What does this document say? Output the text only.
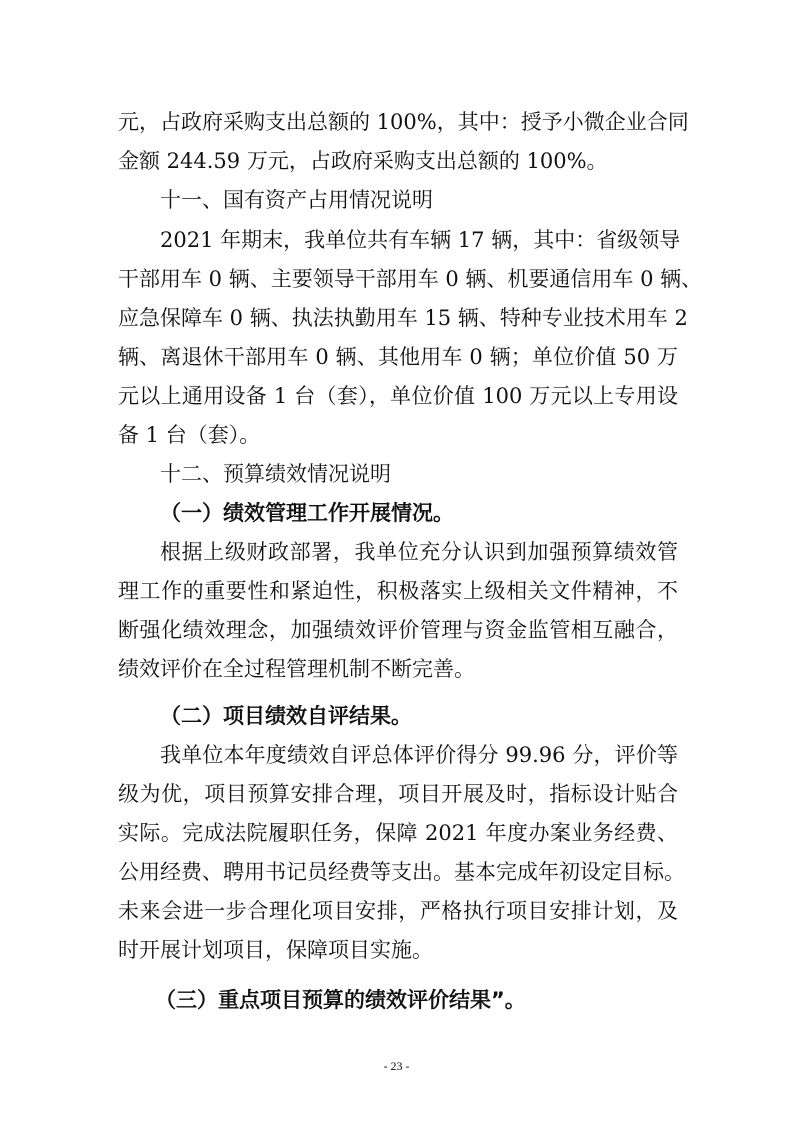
元，占政府采购支出总额的 100%，其中：授予小微企业合同
金额 244.59 万元，占政府采购支出总额的 100%。
十一、国有资产占用情况说明
2021 年期末，我单位共有车辆 17 辆，其中：省级领导
干部用车 0 辆、主要领导干部用车 0 辆、机要通信用车 0 辆、
应急保障车 0 辆、执法执勤用车 15 辆、特种专业技术用车 2
辆、离退休干部用车 0 辆、其他用车 0 辆；单位价值 50 万
元以上通用设备 1 台（套），单位价值 100 万元以上专用设
备 1 台（套）。
十二、预算绩效情况说明
（一）绩效管理工作开展情况。
根据上级财政部署，我单位充分认识到加强预算绩效管
理工作的重要性和紧迫性，积极落实上级相关文件精神，不
断强化绩效理念，加强绩效评价管理与资金监管相互融合，
绩效评价在全过程管理机制不断完善。
（二）项目绩效自评结果。
我单位本年度绩效自评总体评价得分 99.96 分，评价等
级为优，项目预算安排合理，项目开展及时，指标设计贴合
实际。完成法院履职任务，保障 2021 年度办案业务经费、
公用经费、聘用书记员经费等支出。基本完成年初设定目标。
未来会进一步合理化项目安排，严格执行项目安排计划，及
时开展计划项目，保障项目实施。
（三）重点项目预算的绩效评价结果”。
- 23 -
